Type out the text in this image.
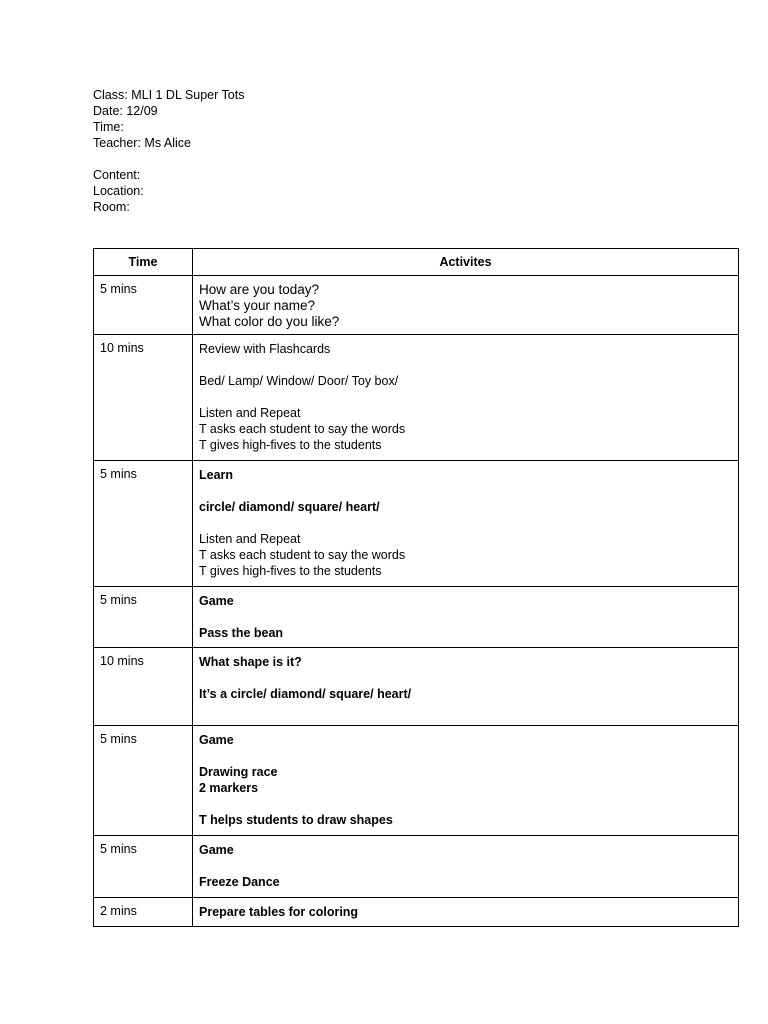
Class: MLI 1 DL Super Tots
Date: 12/09
Time:
Teacher: Ms Alice
Content:
Location:
Room:
Time	Activites
5 mins	How are you today?
What’s your name?
What color do you like?

10 mins	Review with Flashcards
Bed/ Lamp/ Window/ Door/ Toy box/
Listen and Repeat
T asks each student to say the words
T gives high-fives to the students

5 mins	Learn
circle/ diamond/ square/ heart/
Listen and Repeat
T asks each student to say the words
T gives high-fives to the students

5 mins	Game
Pass the bean

10 mins	What shape is it?
It’s a circle/ diamond/ square/ heart/

5 mins	Game
Drawing race
2 markers
T helps students to draw shapes

5 mins	Game
Freeze Dance

2 mins	Prepare tables for coloring
